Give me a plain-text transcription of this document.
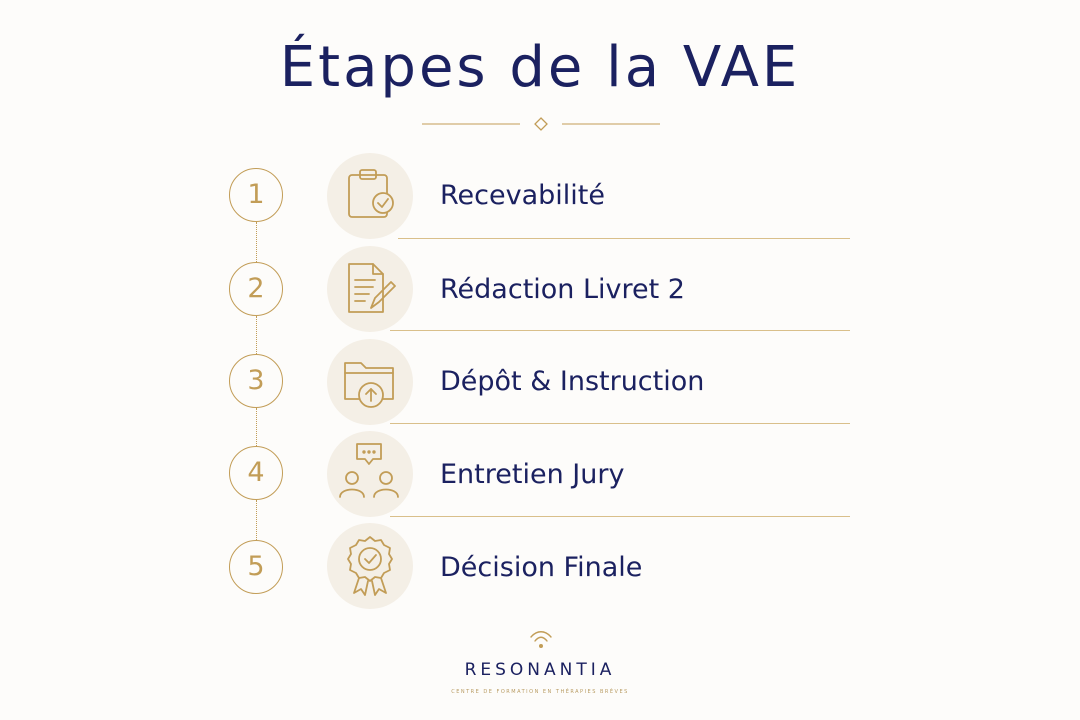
Étapes de la VAE
1	Recevabilité
2	Rédaction Livret 2
3	Dépôt & Instruction
4	Entretien Jury
5	Décision Finale
RESONANTIA
CENTRE DE FORMATION EN THÉRAPIES BRÈVES
